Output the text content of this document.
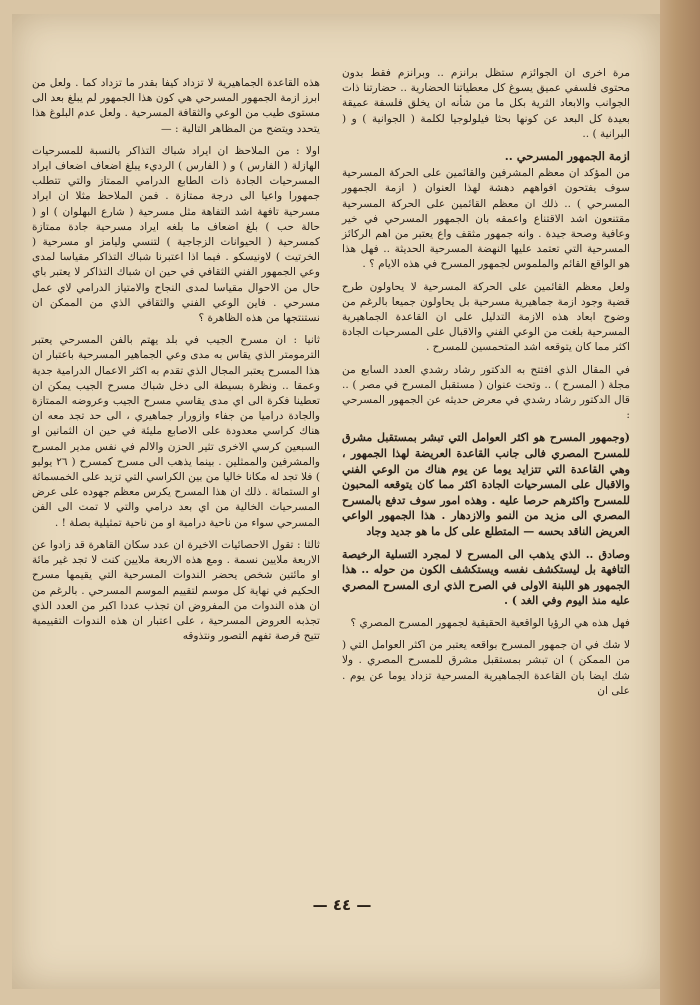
مرة اخرى ان الجوائزم ستظل برانزم .. وبرانزم فقط بدون محتوى فلسفي عميق يسوغ كل معطياتنا الحضارية .. حضارتنا ذات الجوانب والابعاد الثرية بكل ما من شأنه ان يخلق فلسفة عميقة بعيدة كل البعد عن كونها بحثا فيلولوجيا لكلمة ( الجوانية ) و ( البرانية ) ..

ازمة الجمهور المسرحي ..

من المؤكد ان معظم المشرفين والقائمين على الحركة المسرحية سوف يفتحون افواههم دهشة لهذا العنوان ( ازمة الجمهور المسرحي ) .. ذلك ان معظم القائمين على الحركة المسرحية مقتنعون اشد الاقتناع واعمقه بان الجمهور المسرحي في خير وعافية وصحة جيدة . وانه جمهور مثقف واع يعتبر من اهم الركائز المسرحية التي تعتمد عليها النهضة المسرحية الحديثة .. فهل هذا هو الواقع القائم والملموس لجمهور المسرح في هذه الايام ؟ .

ولعل معظم القائمين على الحركة المسرحية لا يحاولون طرح قضية وجود ازمة جماهيرية مسرحية بل يحاولون جميعا بالرغم من وضوح ابعاد هذه الازمة التدليل على ان القاعدة الجماهيرية المسرحية بلغت من الوعي الفني والاقبال على المسرحيات الجادة اكثر مما كان يتوقعه اشد المتحمسين للمسرح .

في المقال الذي افتتح به الدكتور رشاد رشدي العدد السابع من مجلة ( المسرح ) .. وتحت عنوان ( مستقبل المسرح في مصر ) .. قال الدكتور رشاد رشدي في معرض حديثه عن الجمهور المسرحي :

(وجمهور المسرح هو اكثر العوامل التي تبشر بمستقبل مشرق للمسرح المصري فالى جانب القاعدة العريضة لهذا الجمهور ، وهي القاعدة التي تتزايد يوما عن يوم هناك من الوعي الفني والاقبال على المسرحيات الجادة اكثر مما كان يتوقعه المحبون للمسرح واكثرهم حرصا عليه . وهذه امور سوف تدفع بالمسرح المصري الى مزيد من النمو والازدهار . هذا الجمهور الواعي العريض الناقد بحسه — المتطلع على كل ما هو جديد وجاد

وصادق .. الذي يذهب الى المسرح لا لمجرد التسلية الرخيصة التافهة بل ليستكشف نفسه ويستكشف الكون من حوله .. هذا الجمهور هو اللبنة الاولى في الصرح الذي ارى المسرح المصري عليه منذ اليوم وفي الغد ) .

فهل هذه هي الرؤيا الواقعية الحقيقية لجمهور المسرح المصري ؟

لا شك في ان جمهور المسرح بواقعه يعتبر من اكثر العوامل التي ( من الممكن ) ان تبشر بمستقبل مشرق للمسرح المصري . ولا شك ايضا بان القاعدة الجماهيرية المسرحية تزداد يوما عن يوم . على ان

هذه القاعدة الجماهيرية لا تزداد كيفا بقدر ما تزداد كما . ولعل من ابرز ازمة الجمهور المسرحي هي كون هذا الجمهور لم يبلغ بعد الى مستوى طيب من الوعي والثقافة المسرحية . ولعل عدم البلوغ هذا يتحدد ويتضح من المظاهر التالية : —

اولا : من الملاحظ ان ايراد شباك التذاكر بالنسبة للمسرحيات الهازلة ( الفارس ) و ( الفارس ) الرديء يبلغ اضعاف اضعاف ايراد المسرحيات الجادة ذات الطابع الدرامي الممتاز والتي تتطلب جمهورا واعيا الى درجة ممتازة . فمن الملاحظ مثلا ان ايراد مسرحية تافهة اشد التفاهة مثل مسرحية ( شارع البهلوان ) او ( حالة حب ) بلغ اضعاف ما بلغه ايراد مسرحية جادة ممتازة كمسرحية ( الحيوانات الزجاجية ) لتنسي وليامز او مسرحية ( الخرتيت ) لاونيسكو . فيما اذا اعتبرنا شباك التذاكر مقياسا لمدى وعي الجمهور الفني الثقافي في حين ان شباك التذاكر لا يعتبر باي حال من الاحوال مقياسا لمدى النجاح والامتياز الدرامي لاي عمل مسرحي . فاين الوعي الفني والثقافي الذي من الممكن ان نستنتجها من هذه الظاهرة ؟

ثانيا : ان مسرح الجيب في بلد يهتم بالفن المسرحي يعتبر الترمومتر الذي يقاس به مدى وعي الجماهير المسرحية باعتبار ان هذا المسرح يعتبر المجال الذي تقدم به اكثر الاعمال الدرامية جدية وعمقا .. ونظرة بسيطة الى دخل شباك مسرح الجيب يمكن ان تعطينا فكرة الى اي مدى يقاسي مسرح الجيب وعروضه الممتازة والجادة دراميا من جفاء وازورار جماهيري ، الى حد تجد معه ان هناك كراسي معدودة على الاصابع مليئة في حين ان الثمانين او السبعين كرسي الاخرى تثير الحزن والالم في نفس مدير المسرح والمشرفين والممثلين . بينما يذهب الى مسرح كمسرح ( ٢٦ يوليو ) فلا تجد له مكانا خاليا من بين الكراسي التي تزيد على الخمسمائة او الستمائة . ذلك ان هذا المسرح يكرس معظم جهوده على عرض المسرحيات الخالية من اي بعد درامي والتي لا تمت الى الفن المسرحي سواء من ناحية درامية او من ناحية تمثيلية بصلة ! .

ثالثا : تقول الاحصائيات الاخيرة ان عدد سكان القاهرة قد زادوا عن الاربعة ملايين نسمة . ومع هذه الاربعة ملايين كنت لا تجد غير مائة او مائتين شخص يحضر الندوات المسرحية التي يقيمها مسرح الحكيم في نهاية كل موسم لتقييم الموسم المسرحي . بالرغم من ان هذه الندوات من المفروض ان تجذب عددا اكبر من العدد الذي تجذبه العروض المسرحية ، على اعتبار ان هذه الندوات التقييمية تتيح فرصة تفهم التصور ونتذوقه

— ٤٤ —
